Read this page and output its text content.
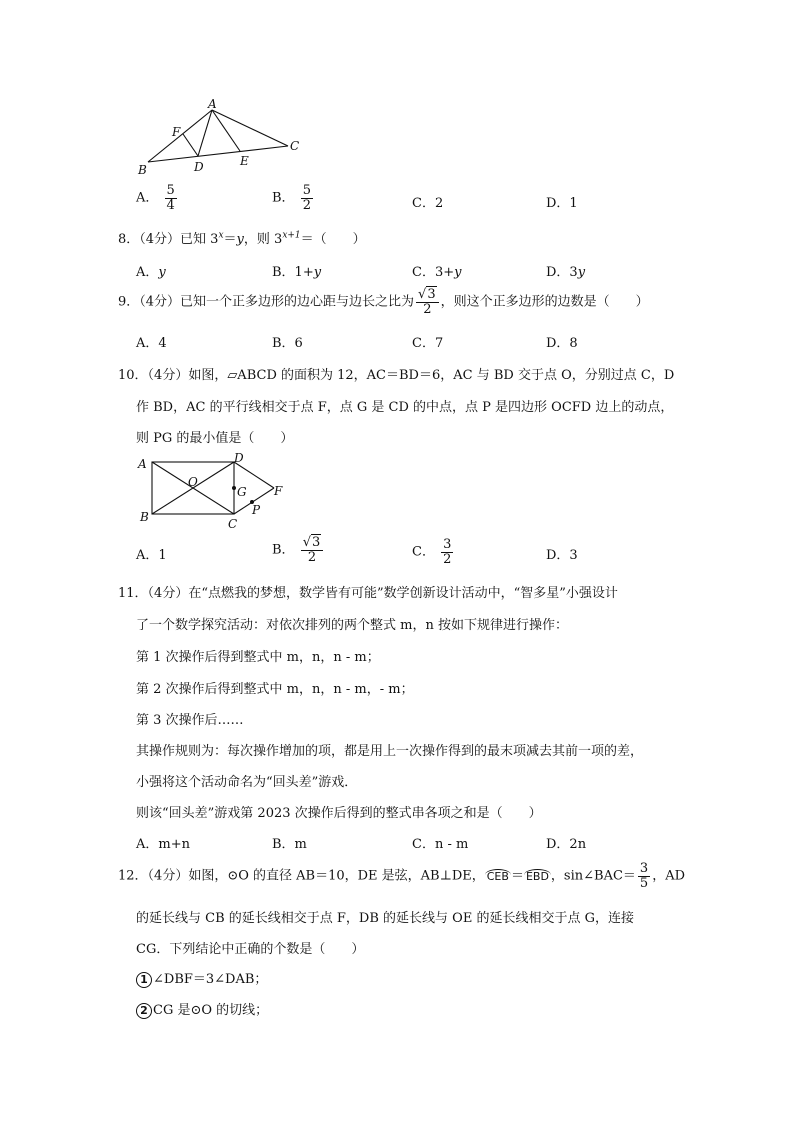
A
F
B	D	E
C
A． $\frac{5}{4}$	B． $\frac{5}{2}$	C．2	D．1
8．（4分）已知 $3^x=y$，则 $3^{x+1}=$（　　）
A．y	B．1+y	C．3+y	D．3y
9．（4分）已知一个正多边形的边心距与边长之比为 $\frac{√3}{2}$ ，则这个正多边形的边数是（　　）
A．4	B．6	C．7	D．8
10．（4分）如图，▱ABCD 的面积为 12，AC＝BD＝6，AC 与 BD 交于点 O，分别过点 C，D
作 BD，AC 的平行线相交于点 F，点 G 是 CD 的中点，点 P 是四边形 OCFD 边上的动点，
则 PG 的最小值是（　　）
A	D
O
G F
B	C
P
A．1	B． $\frac{√3}{2}$	C． $\frac{3}{2}$	D．3
11．（4分）在“点燃我的梦想，数学皆有可能”数学创新设计活动中，“智多星”小强设计
了一个数学探究活动：对依次排列的两个整式 m，n 按如下规律进行操作：
第 1 次操作后得到整式中 m，n，n - m；
第 2 次操作后得到整式中 m，n，n - m，- m；
第 3 次操作后……
其操作规则为：每次操作增加的项，都是用上一次操作得到的最末项减去其前一项的差，
小强将这个活动命名为“回头差”游戏．
则该“回头差”游戏第 2023 次操作后得到的整式串各项之和是（　　）
A．m+n	B．m	C．n - m	D．2n
12．（4分）如图，⊙O 的直径 AB＝10，DE 是弦，AB⊥DE， CEB ＝ EBD ，sin∠BAC＝ $\frac{3}{5}$ ，AD
的延长线与 CB 的延长线相交于点 F，DB 的延长线与 OE 的延长线相交于点 G，连接
CG．下列结论中正确的个数是（　　）
1 ∠DBF＝3∠DAB；
2 CG 是⊙O 的切线；
